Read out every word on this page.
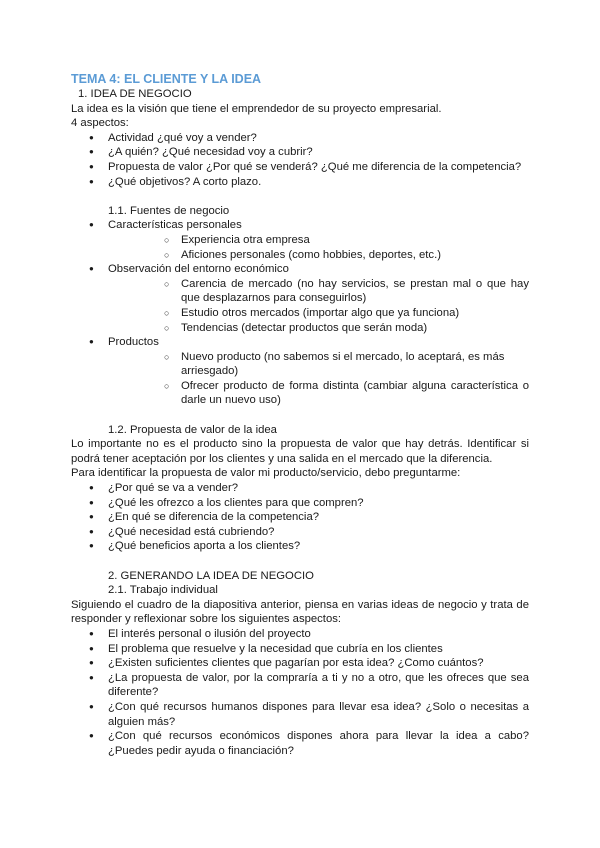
TEMA 4: EL CLIENTE Y LA IDEA

1. IDEA DE NEGOCIO

La idea es la visión que tiene el emprendedor de su proyecto empresarial.

4 aspectos:

● Actividad ¿qué voy a vender?
● ¿A quién? ¿Qué necesidad voy a cubrir?
● Propuesta de valor ¿Por qué se venderá? ¿Qué me diferencia de la competencia?
● ¿Qué objetivos? A corto plazo.

1.1. Fuentes de negocio

● Características personales
○ Experiencia otra empresa
○ Aficiones personales (como hobbies, deportes, etc.)
● Observación del entorno económico
○ Carencia de mercado (no hay servicios, se prestan mal o que hay que desplazarnos para conseguirlos)
○ Estudio otros mercados (importar algo que ya funciona)
○ Tendencias (detectar productos que serán moda)
● Productos
○ Nuevo producto (no sabemos si el mercado, lo aceptará, es más arriesgado)
○ Ofrecer producto de forma distinta (cambiar alguna característica o darle un nuevo uso)

1.2. Propuesta de valor de la idea

Lo importante no es el producto sino la propuesta de valor que hay detrás. Identificar si podrá tener aceptación por los clientes y una salida en el mercado que la diferencia.

Para identificar la propuesta de valor mi producto/servicio, debo preguntarme:

● ¿Por qué se va a vender?
● ¿Qué les ofrezco a los clientes para que compren?
● ¿En qué se diferencia de la competencia?
● ¿Qué necesidad está cubriendo?
● ¿Qué beneficios aporta a los clientes?

2. GENERANDO LA IDEA DE NEGOCIO

2.1. Trabajo individual

Siguiendo el cuadro de la diapositiva anterior, piensa en varias ideas de negocio y trata de responder y reflexionar sobre los siguientes aspectos:

● El interés personal o ilusión del proyecto
● El problema que resuelve y la necesidad que cubría en los clientes
● ¿Existen suficientes clientes que pagarían por esta idea? ¿Como cuántos?
● ¿La propuesta de valor, por la compraría a ti y no a otro, que les ofreces que sea diferente?
● ¿Con qué recursos humanos dispones para llevar esa idea? ¿Solo o necesitas a alguien más?
● ¿Con qué recursos económicos dispones ahora para llevar la idea a cabo? ¿Puedes pedir ayuda o financiación?
